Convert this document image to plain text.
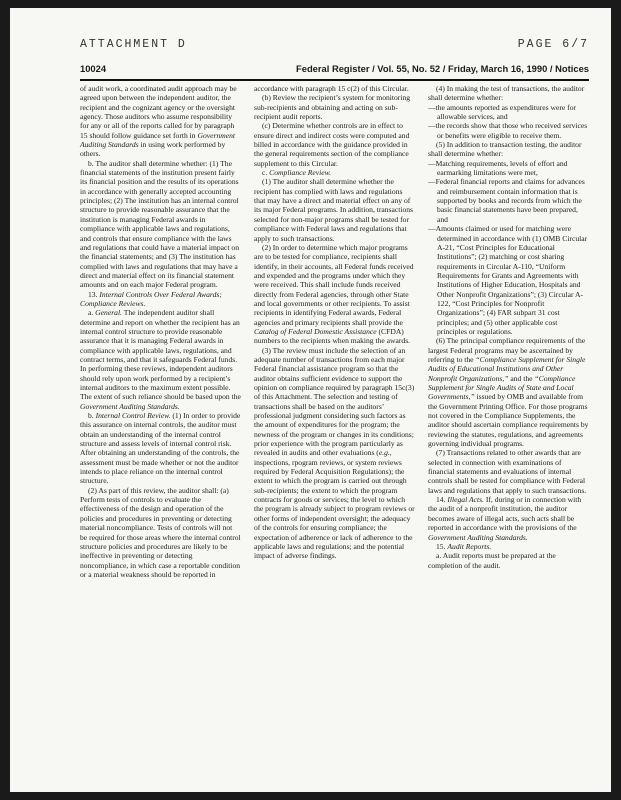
ATTACHMENT D	PAGE 6/7
10024	Federal Register / Vol. 55, No. 52 / Friday, March 16, 1990 / Notices

of audit work, a coordinated audit approach may be agreed upon between the independent auditor, the recipient and the cognizant agency or the oversight agency. Those auditors who assume responsibility for any or all of the reports called for by paragraph 15 should follow guidance set forth in Government Auditing Standards in using work performed by others.

b. The auditor shall determine whether: (1) The financial statements of the institution present fairly its financial position and the results of its operations in accordance with generally accepted accounting principles; (2) The institution has an internal control structure to provide reasonable assurance that the institution is managing Federal awards in compliance with applicable laws and regulations, and controls that ensure compliance with the laws and regulations that could have a material impact on the financial statements; and (3) The institution has complied with laws and regulations that may have a direct and material effect on its financial statement amounts and on each major Federal program.

13. Internal Controls Over Federal Awards; Compliance Reviews.

a. General. The independent auditor shall determine and report on whether the recipient has an internal control structure to provide reasonable assurance that it is managing Federal awards in compliance with applicable laws, regulations, and contract terms, and that it safeguards Federal funds. In performing these reviews, independent auditors should rely upon work performed by a recipient’s internal auditors to the maximum extent possible. The extent of such reliance should be based upon the Government Auditing Standards.

b. Internal Control Review. (1) In order to provide this assurance on internal controls, the auditor must obtain an understanding of the internal control structure and assess levels of internal control risk. After obtaining an understanding of the controls, the assessment must be made whether or not the auditor intends to place reliance on the internal control structure.

(2) As part of this review, the auditor shall: (a) Perform tests of controls to evaluate the effectiveness of the design and operation of the policies and procedures in preventing or detecting material noncompliance. Tests of controls will not be required for those areas where the internal control structure policies and procedures are likely to be ineffective in preventing or detecting noncompliance, in which case a reportable condition or a material weakness should be reported in

accordance with paragraph 15 c(2) of this Circular.

(b) Review the recipient’s system for monitoring sub-recipients and obtaining and acting on sub-recipient audit reports.

(c) Determine whether controls are in effect to ensure direct and indirect costs were computed and billed in accordance with the guidance provided in the general requirements section of the compliance supplement to this Circular.

c. Compliance Review.

(1) The auditor shall determine whether the recipient has complied with laws and regulations that may have a direct and material effect on any of its major Federal programs. In addition, transactions selected for non-major programs shall be tested for compliance with Federal laws and regulations that apply to such transactions.

(2) In order to determine which major programs are to be tested for compliance, recipients shall identify, in their accounts, all Federal funds received and expended and the programs under which they were received. This shall include funds received directly from Federal agencies, through other State and local governments or other recipients. To assist recipients in identifying Federal awards, Federal agencies and primary recipients shall provide the Catalog of Federal Domestic Assistance (CFDA) numbers to the recipients when making the awards.

(3) The review must include the selection of an adequate number of transactions from each major Federal financial assistance program so that the auditor obtains sufficient evidence to support the opinion on compliance required by paragraph 15c(3) of this Attachment. The selection and testing of transactions shall be based on the auditors’ professional judgment considering such factors as the amount of expenditures for the program; the newness of the program or changes in its conditions; prior experience with the program particularly as revealed in audits and other evaluations (e.g., inspections, rpogram reviews, or system reviews required by Federal Acquisition Regulations); the extent to which the program is carried out through sub-recipients; the extent to which the program contracts for goods or services; the level to which the program is already subject to program reviews or other forms of independent oversight; the adequacy of the controls for ensuring compliance; the expectation of adherence or lack of adherence to the applicable laws and regulations; and the potential impact of adverse findings.

(4) In making the test of transactions, the auditor shall determine whether:

—the amounts reported as expenditures were for allowable services, and

—the records show that those who received services or benefits were eligible to receive them.

(5) In addition to transaction testing, the auditor shall determine whether:

—Matching requirements, levels of effort and earmarking limitations were met,

—Federal financial reports and claims for advances and reimbursement contain information that is supported by books and records from which the basic financial statements have been prepared, and

—Amounts claimed or used for matching were determined in accordance with (1) OMB Circular A-21, “Cost Principles for Educational Institutions”; (2) matching or cost sharing requirements in Circular A-110, “Uniform Requirements for Grants and Agreements with Institutions of Higher Education, Hospitals and Other Nonprofit Organizations”; (3) Circular A-122, “Cost Principles for Nonprofit Organizations”; (4) FAR subpart 31 cost principles; and (5) other applicable cost principles or regulations.

(6) The principal compliance requirements of the largest Federal programs may be ascertained by referring to the “Compliance Supplement for Single Audits of Educational Institutions and Other Nonprofit Organizations,” and the “Compliance Supplement for Single Audits of State and Local Governments,” issued by OMB and available from the Government Printing Office. For those programs not covered in the Compliance Supplements, the auditor should ascertain compliance requirements by reviewing the statutes, regulations, and agreements governing individual programs.

(7) Transactions related to other awards that are selected in connection with examinations of financial statements and evaluations of internal controls shall be tested for compliance with Federal laws and regulations that apply to such transactions.

14. Illegal Acts. If, during or in connection with the audit of a nonprofit institution, the auditor becomes aware of illegal acts, such acts shall be reported in accordance with the provisions of the Government Auditing Standards.

15. Audit Reports.

a. Audit reports must be prepared at the completion of the audit.
